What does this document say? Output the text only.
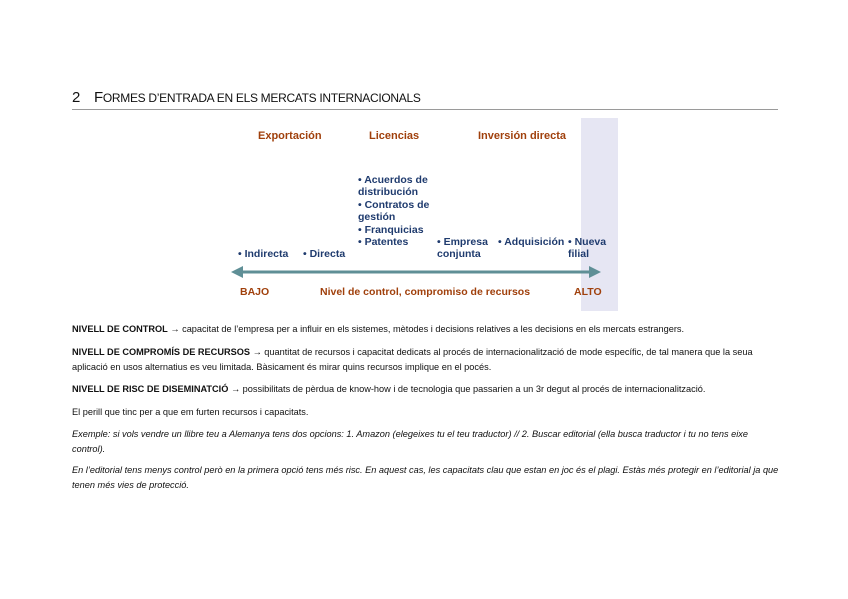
2 FORMES D’ENTRADA EN ELS MERCATS INTERNACIONALS
Exportación	Licencias	Inversión directa
• Acuerdos de distribución
• Contratos de gestión
• Franquicias
• Patentes
• Indirecta • Directa
• Empresa conjunta
• Adquisición • Nueva filial
BAJO	Nivel de control, compromiso de recursos	ALTO
NIVELL DE CONTROL → capacitat de l’empresa per a influir en els sistemes, mètodes i decisions relatives a les decisions en els mercats estrangers.
NIVELL DE COMPROMÍS DE RECURSOS → quantitat de recursos i capacitat dedicats al procés de internacionalització de mode específic, de tal manera que la seua aplicació en usos alternatius es veu limitada. Bàsicament és mirar quins recursos implique en el pocés.
NIVELL DE RISC DE DISEMINATCIÓ → possibilitats de pèrdua de know-how i de tecnologia que passarien a un 3r degut al procés de internacionalització.
El perill que tinc per a que em furten recursos i capacitats.
Exemple: si vols vendre un llibre teu a Alemanya tens dos opcions: 1. Amazon (elegeixes tu el teu traductor) // 2. Buscar editorial (ella busca traductor i tu no tens eixe control).
En l’editorial tens menys control però en la primera opció tens més risc. En aquest cas, les capacitats clau que estan en joc és el plagi. Estàs més protegir en l’editorial ja que tenen més vies de protecció.
